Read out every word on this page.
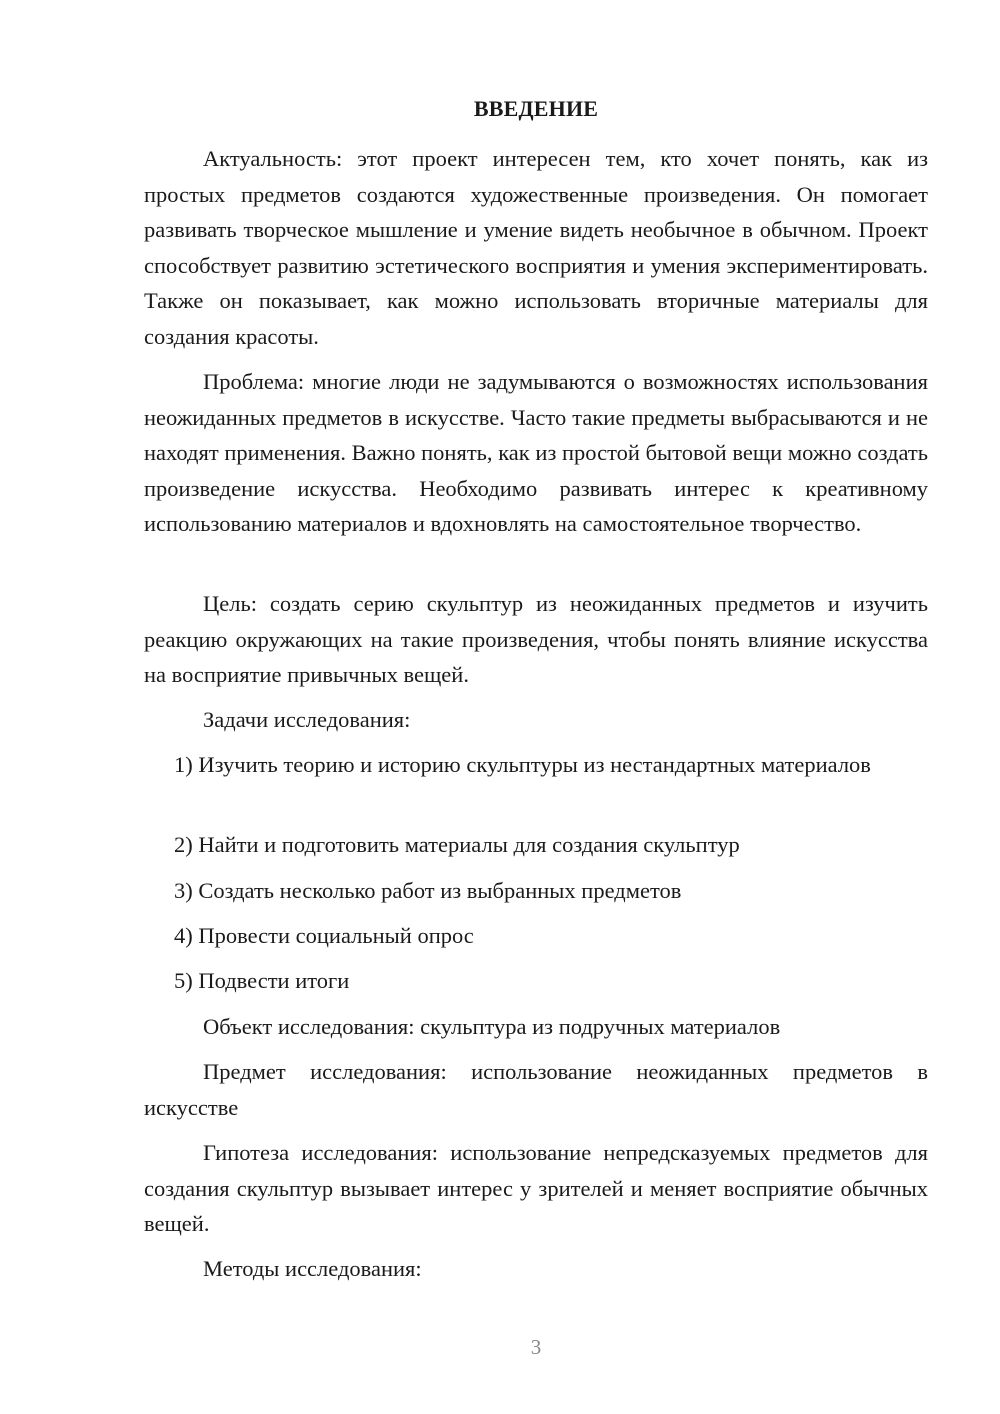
ВВЕДЕНИЕ

Актуальность: этот проект интересен тем, кто хочет понять, как из простых предметов создаются художественные произведения. Он помогает развивать творческое мышление и умение видеть необычное в обычном. Проект способствует развитию эстетического восприятия и умения экспериментировать. Также он показывает, как можно использовать вторичные материалы для создания красоты.

Проблема: многие люди не задумываются о возможностях использования неожиданных предметов в искусстве. Часто такие предметы выбрасываются и не находят применения. Важно понять, как из простой бытовой вещи можно создать произведение искусства. Необходимо развивать интерес к креативному использованию материалов и вдохновлять на самостоятельное творчество.

Цель: создать серию скульптур из неожиданных предметов и изучить реакцию окружающих на такие произведения, чтобы понять влияние искусства на восприятие привычных вещей.

Задачи исследования:

1) Изучить теорию и историю скульптуры из нестандартных материалов

2) Найти и подготовить материалы для создания скульптур

3) Создать несколько работ из выбранных предметов

4) Провести социальный опрос

5) Подвести итоги

Объект исследования: скульптура из подручных материалов

Предмет исследования: использование неожиданных предметов в искусстве

Гипотеза исследования: использование непредсказуемых предметов для создания скульптур вызывает интерес у зрителей и меняет восприятие обычных вещей.

Методы исследования:

3
